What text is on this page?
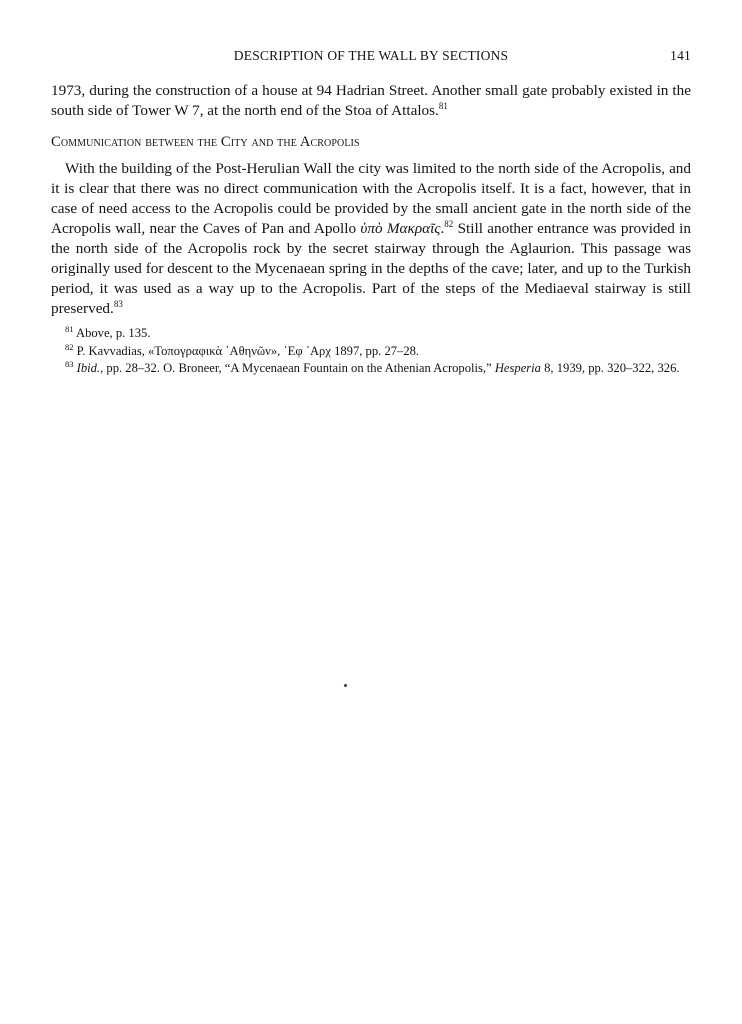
DESCRIPTION OF THE WALL BY SECTIONS	141

1973, during the construction of a house at 94 Hadrian Street. Another small gate probably existed in the south side of Tower W 7, at the north end of the Stoa of Attalos.$^{81}$

Communication between the City and the Acropolis

With the building of the Post-Herulian Wall the city was limited to the north side of the Acropolis, and it is clear that there was no direct communication with the Acropolis itself. It is a fact, however, that in case of need access to the Acropolis could be provided by the small ancient gate in the north side of the Acropolis wall, near the Caves of Pan and Apollo ὑπὸ Μακραῖς.$^{82}$ Still another entrance was provided in the north side of the Acropolis rock by the secret stairway through the Aglaurion. This passage was originally used for descent to the Mycenaean spring in the depths of the cave; later, and up to the Turkish period, it was used as a way up to the Acropolis. Part of the steps of the Mediaeval stairway is still preserved.$^{83}$

$^{81}$ Above, p. 135.

$^{82}$ P. Kavvadias, «Τοπογραφικὰ ᾿Αθηνῶν», ᾿Εφ ᾿Αρχ 1897, pp. 27–28.

$^{83}$ Ibid., pp. 28–32. O. Broneer, “A Mycenaean Fountain on the Athenian Acropolis,” Hesperia 8, 1939, pp. 320–322, 326.
